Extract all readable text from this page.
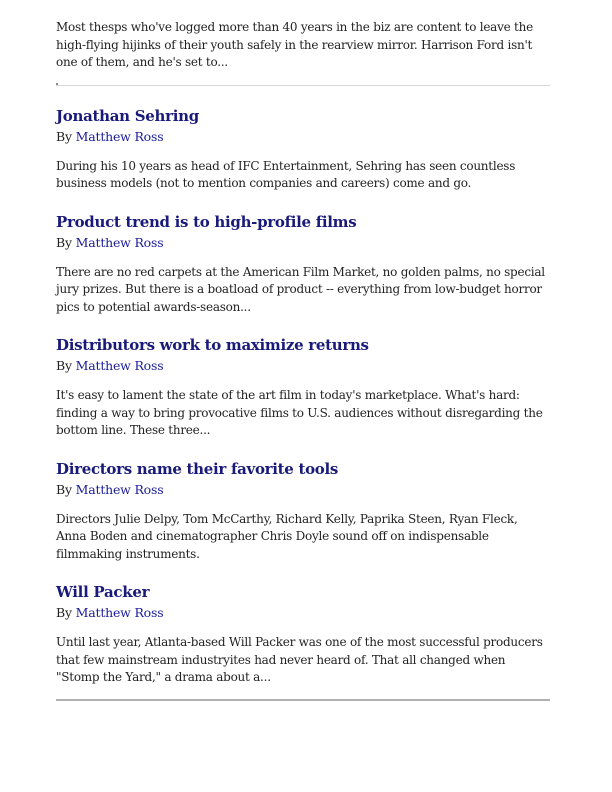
Most thesps who've logged more than 40 years in the biz are content to leave the high-flying hijinks of their youth safely in the rearview mirror. Harrison Ford isn't one of them, and he's set to...

Jonathan Sehring

By Matthew Ross

During his 10 years as head of IFC Entertainment, Sehring has seen countless business models (not to mention companies and careers) come and go.

Product trend is to high-profile films

By Matthew Ross

There are no red carpets at the American Film Market, no golden palms, no special jury prizes. But there is a boatload of product -- everything from low-budget horror pics to potential awards-season...

Distributors work to maximize returns

By Matthew Ross

It's easy to lament the state of the art film in today's marketplace. What's hard: finding a way to bring provocative films to U.S. audiences without disregarding the bottom line. These three...

Directors name their favorite tools

By Matthew Ross

Directors Julie Delpy, Tom McCarthy, Richard Kelly, Paprika Steen, Ryan Fleck, Anna Boden and cinematographer Chris Doyle sound off on indispensable filmmaking instruments.

Will Packer

By Matthew Ross

Until last year, Atlanta-based Will Packer was one of the most successful producers that few mainstream industryites had never heard of. That all changed when "Stomp the Yard," a drama about a...
